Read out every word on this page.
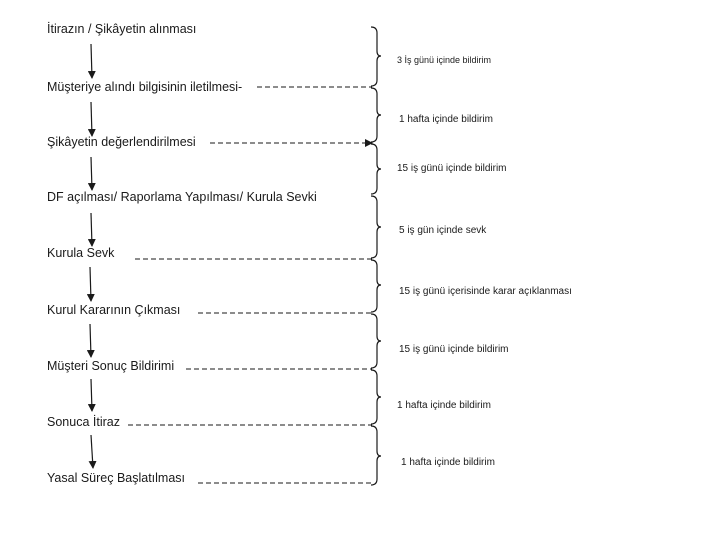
İtirazın / Şikâyetin alınması
Müşteriye alındı bilgisinin iletilmesi-
Şikâyetin değerlendirilmesi
DF açılması/ Raporlama Yapılması/ Kurula Sevki
Kurula Sevk
Kurul Kararının Çıkması
Müşteri Sonuç Bildirimi
Sonuca İtiraz
Yasal Süreç Başlatılması
3 İş günü içinde bildirim
1 hafta içinde bildirim
15 iş günü içinde bildirim
5 iş gün içinde sevk
15 iş günü içerisinde karar açıklanması
15 iş günü içinde bildirim
1 hafta içinde bildirim
1 hafta içinde bildirim
